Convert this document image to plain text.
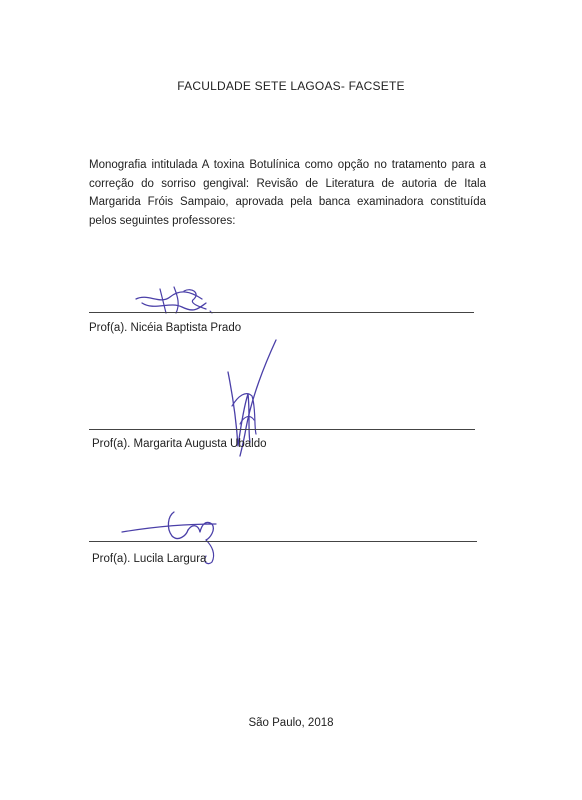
FACULDADE SETE LAGOAS- FACSETE
Monografia intitulada A toxina Botulínica como opção no tratamento para a correção do sorriso gengival: Revisão de Literatura de autoria de Itala Margarida Fróis Sampaio, aprovada pela banca examinadora constituída pelos seguintes professores:
Prof(a). Nicéia Baptista Prado
Prof(a). Margarita Augusta Ubaldo
Prof(a). Lucila Largura
São Paulo, 2018
